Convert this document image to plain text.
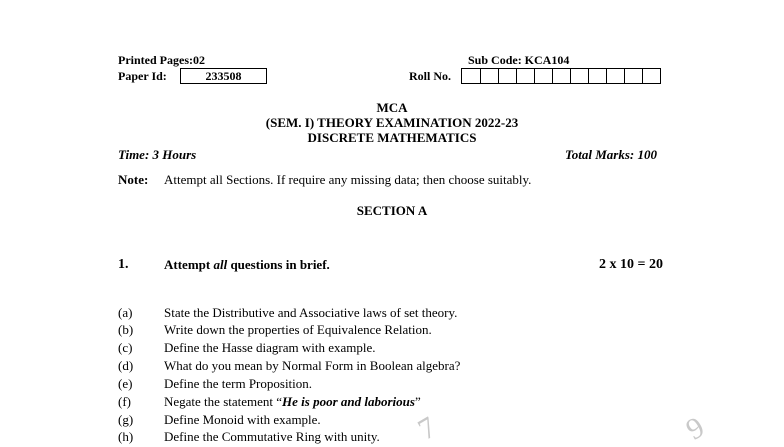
Printed Pages:02	Sub Code: KCA104
Paper Id:	233508	Roll No.
MCA
(SEM. I) THEORY EXAMINATION 2022-23
DISCRETE MATHEMATICS
Time: 3 Hours	Total Marks: 100
Note: Attempt all Sections. If require any missing data; then choose suitably.
SECTION A
1.	Attempt all questions in brief.	2 x 10 = 20
(a) State the Distributive and Associative laws of set theory.
(b) Write down the properties of Equivalence Relation.
(c) Define the Hasse diagram with example.
(d) What do you mean by Normal Form in Boolean algebra?
(e) Define the term Proposition.
(f)	Negate the statement “He is poor and laborious”
(g) Define Monoid with example.
(h) Define the Commutative Ring with unity. 7	9
